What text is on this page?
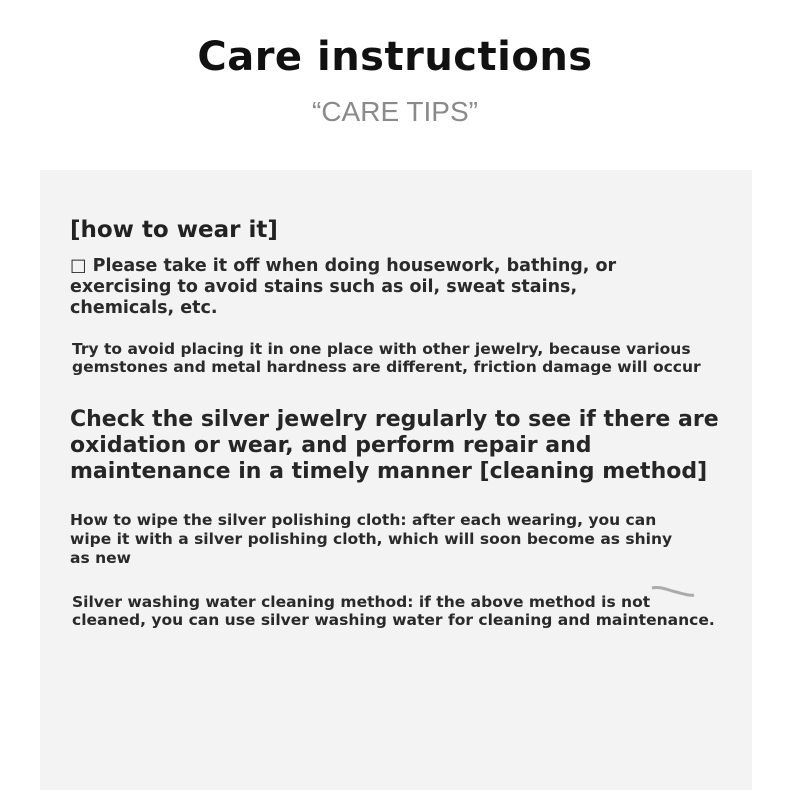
Care instructions
“CARE TIPS”

[how to wear it]

□ Please take it off when doing housework, bathing, or
exercising to avoid stains such as oil, sweat stains,
chemicals, etc.

Try to avoid placing it in one place with other jewelry, because various
gemstones and metal hardness are different, friction damage will occur

Check the silver jewelry regularly to see if there are
oxidation or wear, and perform repair and
maintenance in a timely manner [cleaning method]

How to wipe the silver polishing cloth: after each wearing, you can
wipe it with a silver polishing cloth, which will soon become as shiny
as new

Silver washing water cleaning method: if the above method is not
cleaned, you can use silver washing water for cleaning and maintenance.
